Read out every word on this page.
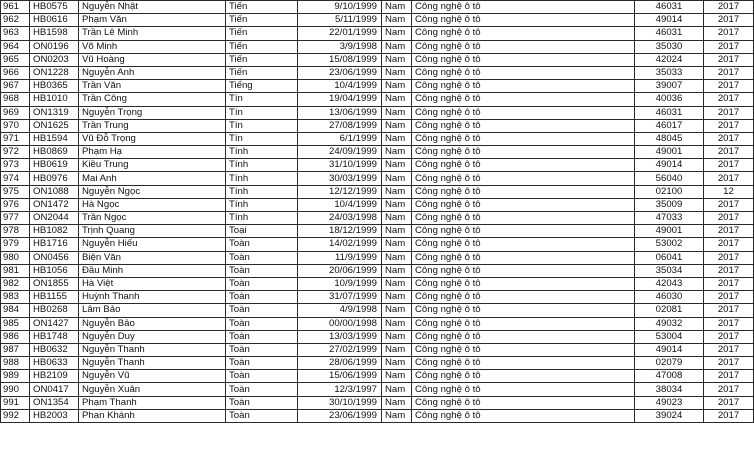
961	HB0575	Nguyễn Nhật	Tiến	9/10/1999	Nam	Công nghệ ô tô	46031	2017
962	HB0616	Phạm Văn	Tiến	5/11/1999	Nam	Công nghệ ô tô	49014	2017
963	HB1598	Trần Lê Minh	Tiến	22/01/1999	Nam	Công nghệ ô tô	46031	2017
964	ON0196	Võ Minh	Tiến	3/9/1998	Nam	Công nghệ ô tô	35030	2017
965	ON0203	Vũ Hoàng	Tiến	15/08/1999	Nam	Công nghệ ô tô	42024	2017
966	ON1228	Nguyễn Anh	Tiến	23/06/1999	Nam	Công nghệ ô tô	35033	2017
967	HB0365	Trần Văn	Tiếng	10/4/1999	Nam	Công nghệ ô tô	39007	2017
968	HB1010	Trần Công	Tín	19/04/1999	Nam	Công nghệ ô tô	40036	2017
969	ON1319	Nguyễn Trọng	Tín	13/06/1999	Nam	Công nghệ ô tô	46031	2017
970	ON1625	Trần Trung	Tín	27/08/1999	Nam	Công nghệ ô tô	46017	2017
971	HB1594	Vũ Đỗ Trọng	Tín	6/1/1999	Nam	Công nghệ ô tô	48045	2017
972	HB0869	Phạm Hạ	Tính	24/09/1999	Nam	Công nghệ ô tô	49001	2017
973	HB0619	Kiều Trung	Tính	31/10/1999	Nam	Công nghệ ô tô	49014	2017
974	HB0976	Mai Anh	Tính	30/03/1999	Nam	Công nghệ ô tô	56040	2017
975	ON1088	Nguyễn Ngọc	Tính	12/12/1999	Nam	Công nghệ ô tô	02100	12
976	ON1472	Hà Ngọc	Tính	10/4/1999	Nam	Công nghệ ô tô	35009	2017
977	ON2044	Trần Ngọc	Tính	24/03/1998	Nam	Công nghệ ô tô	47033	2017
978	HB1082	Trịnh Quang	Toại	18/12/1999	Nam	Công nghệ ô tô	49001	2017
979	HB1716	Nguyễn Hiếu	Toàn	14/02/1999	Nam	Công nghệ ô tô	53002	2017
980	ON0456	Biện Văn	Toàn	11/9/1999	Nam	Công nghệ ô tô	06041	2017
981	HB1056	Đầu Minh	Toàn	20/06/1999	Nam	Công nghệ ô tô	35034	2017
982	ON1855	Hà Việt	Toàn	10/9/1999	Nam	Công nghệ ô tô	42043	2017
983	HB1155	Huỳnh Thanh	Toàn	31/07/1999	Nam	Công nghệ ô tô	46030	2017
984	HB0268	Lâm Bảo	Toàn	4/9/1998	Nam	Công nghệ ô tô	02081	2017
985	ON1427	Nguyễn Bảo	Toàn	00/00/1998	Nam	Công nghệ ô tô	49032	2017
986	HB1748	Nguyễn Duy	Toàn	13/03/1999	Nam	Công nghệ ô tô	53004	2017
987	HB0632	Nguyễn Thanh	Toàn	27/02/1999	Nam	Công nghệ ô tô	49014	2017
988	HB0633	Nguyễn Thanh	Toàn	28/06/1999	Nam	Công nghệ ô tô	02079	2017
989	HB2109	Nguyễn Vũ	Toàn	15/06/1999	Nam	Công nghệ ô tô	47008	2017
990	ON0417	Nguyễn Xuân	Toàn	12/3/1997	Nam	Công nghệ ô tô	38034	2017
991	ON1354	Phạm Thanh	Toàn	30/10/1999	Nam	Công nghệ ô tô	49023	2017
992	HB2003	Phan Khánh	Toàn	23/06/1999	Nam	Công nghệ ô tô	39024	2017
